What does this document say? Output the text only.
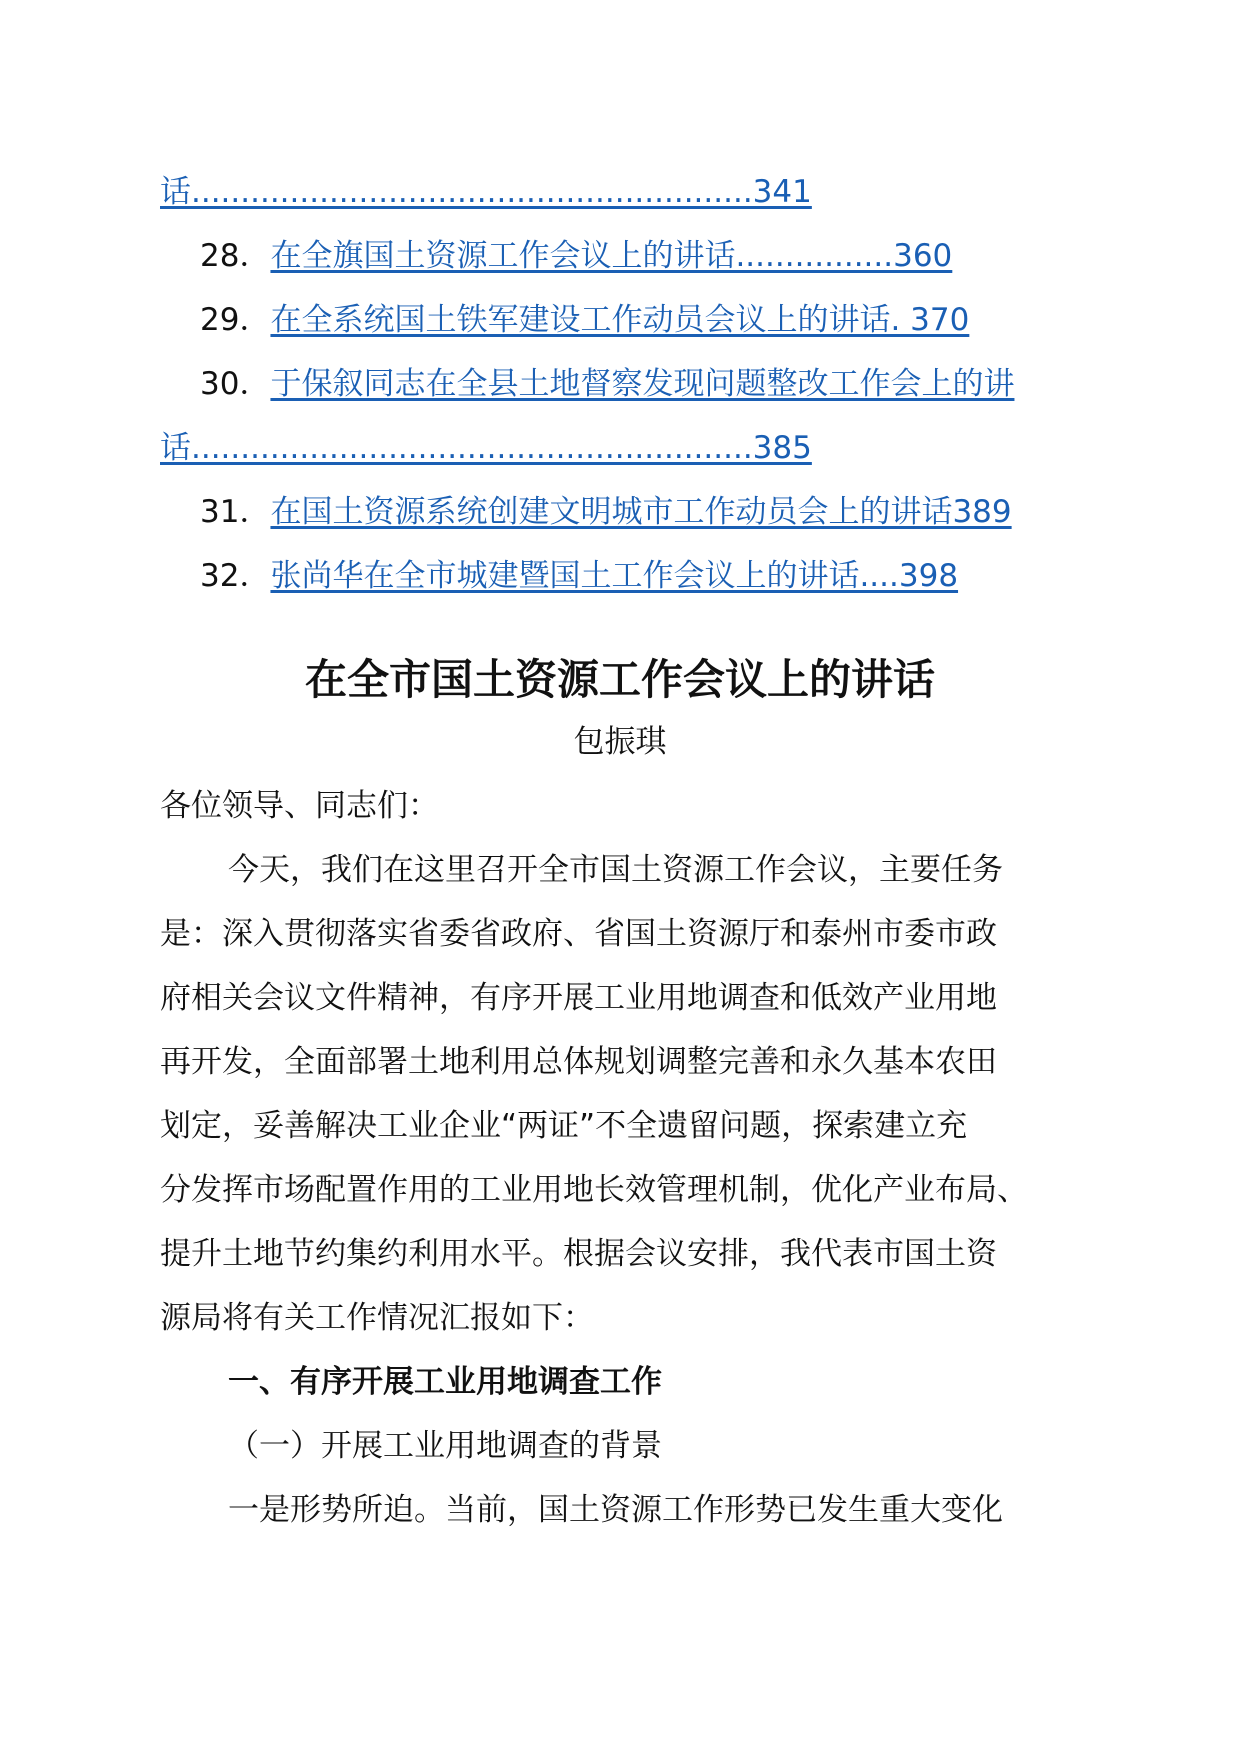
话.........................................................341
28．在全旗国土资源工作会议上的讲话................360
29．在全系统国土铁军建设工作动员会议上的讲话. 370
30．于保叙同志在全县土地督察发现问题整改工作会上的讲
话.........................................................385
31．在国土资源系统创建文明城市工作动员会上的讲话389
32．张尚华在全市城建暨国土工作会议上的讲话....398
在全市国土资源工作会议上的讲话
包振琪
各位领导、同志们：
今天，我们在这里召开全市国土资源工作会议，主要任务
是：深入贯彻落实省委省政府、省国土资源厅和泰州市委市政
府相关会议文件精神，有序开展工业用地调查和低效产业用地
再开发，全面部署土地利用总体规划调整完善和永久基本农田
划定，妥善解决工业企业“两证”不全遗留问题，探索建立充
分发挥市场配置作用的工业用地长效管理机制，优化产业布局、
提升土地节约集约利用水平。根据会议安排，我代表市国土资
源局将有关工作情况汇报如下：
一、有序开展工业用地调查工作
（一）开展工业用地调查的背景
一是形势所迫。当前，国土资源工作形势已发生重大变化
